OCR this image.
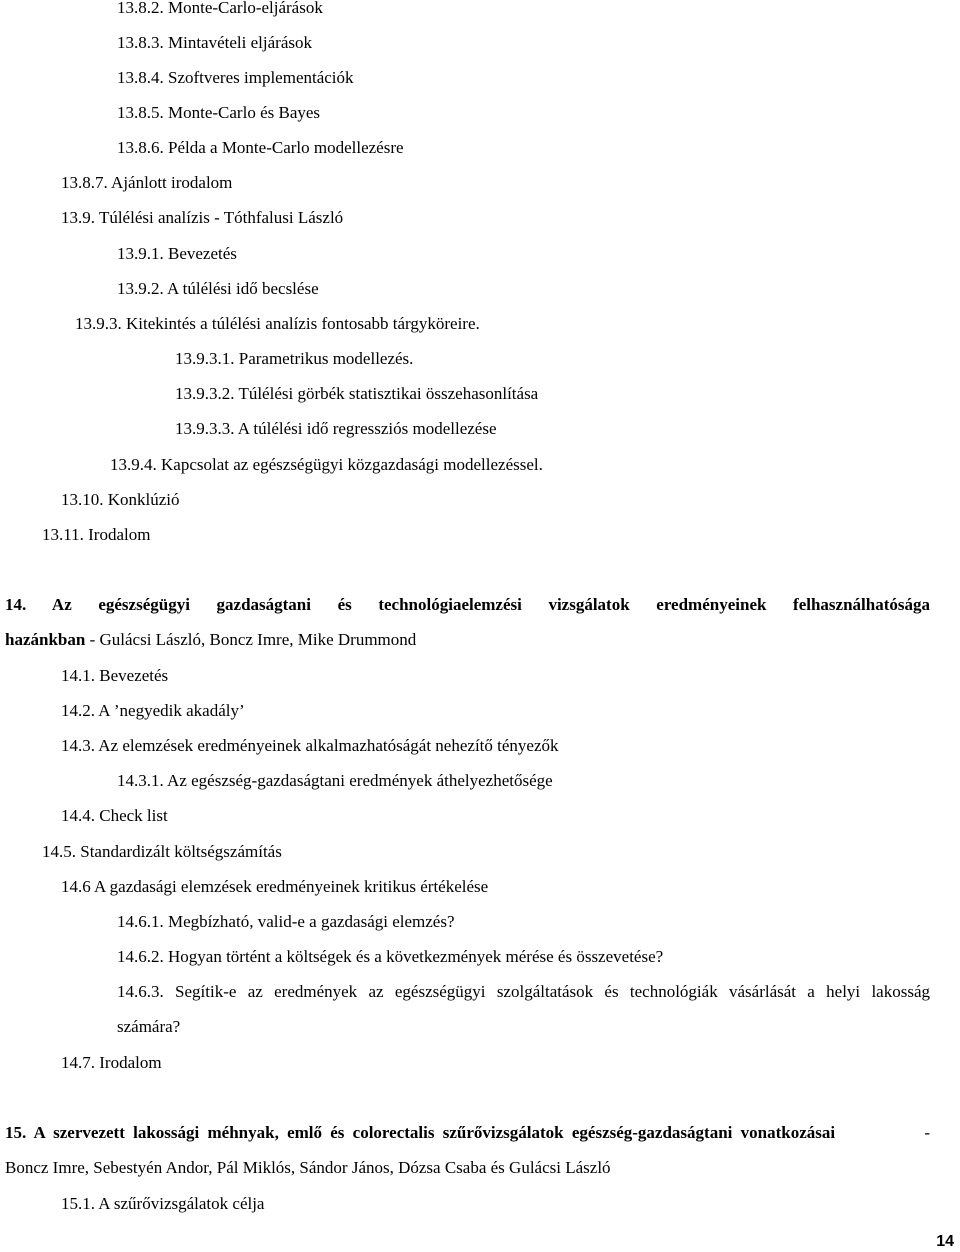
13.8.2. Monte-Carlo-eljárások
13.8.3. Mintavételi eljárások
13.8.4. Szoftveres implementációk
13.8.5. Monte-Carlo és Bayes
13.8.6. Példa a Monte-Carlo modellezésre
13.8.7. Ajánlott irodalom
13.9. Túlélési analízis - Tóthfalusi László
13.9.1. Bevezetés
13.9.2. A túlélési idő becslése
13.9.3. Kitekintés a túlélési analízis fontosabb tárgyköreire.
13.9.3.1. Parametrikus modellezés.
13.9.3.2. Túlélési görbék statisztikai összehasonlítása
13.9.3.3. A túlélési idő regressziós modellezése
13.9.4. Kapcsolat az egészségügyi közgazdasági modellezéssel.
13.10. Konklúzió
13.11. Irodalom
14. Az egészségügyi gazdaságtani és technológiaelemzési vizsgálatok eredményeinek felhasználhatósága
hazánkban - Gulácsi László, Boncz Imre, Mike Drummond
14.1. Bevezetés
14.2. A ’negyedik akadály’
14.3. Az elemzések eredményeinek alkalmazhatóságát nehezítő tényezők
14.3.1. Az egészség-gazdaságtani eredmények áthelyezhetősége
14.4. Check list
14.5. Standardizált költségszámítás
14.6 A gazdasági elemzések eredményeinek kritikus értékelése
14.6.1. Megbízható, valid-e a gazdasági elemzés?
14.6.2. Hogyan történt a költségek és a következmények mérése és összevetése?
14.6.3. Segítik-e az eredmények az egészségügyi szolgáltatások és technológiák vásárlását a helyi lakosság
számára?
14.7. Irodalom
15. A szervezett lakossági méhnyak, emlő és colorectalis szűrővizsgálatok egészség-gazdaságtani vonatkozásai	-
Boncz Imre, Sebestyén Andor, Pál Miklós, Sándor János, Dózsa Csaba és Gulácsi László
15.1. A szűrővizsgálatok célja
14
